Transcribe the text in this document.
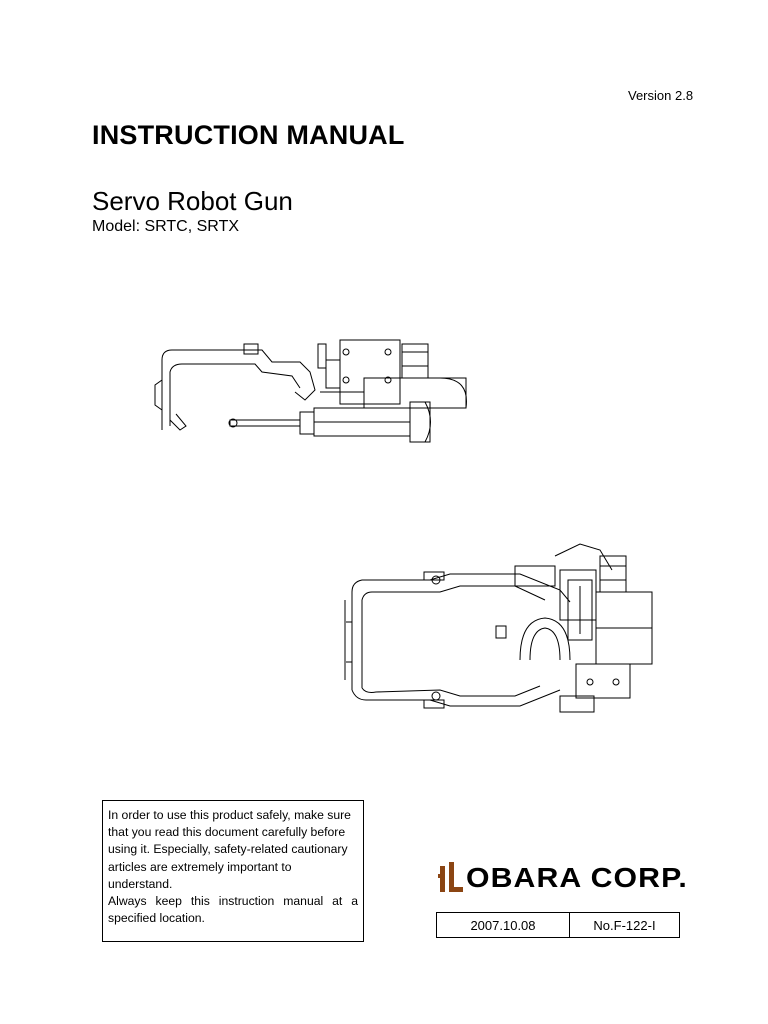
Version 2.8
INSTRUCTION MANUAL
Servo Robot Gun
Model: SRTC, SRTX

In order to use this product safely, make sure that you read this document carefully before using it. Especially, safety-related cautionary articles are extremely important to understand.

Always keep this instruction manual at a specified location.

OBARA CORP.
2007.10.08	No.F-122-I
